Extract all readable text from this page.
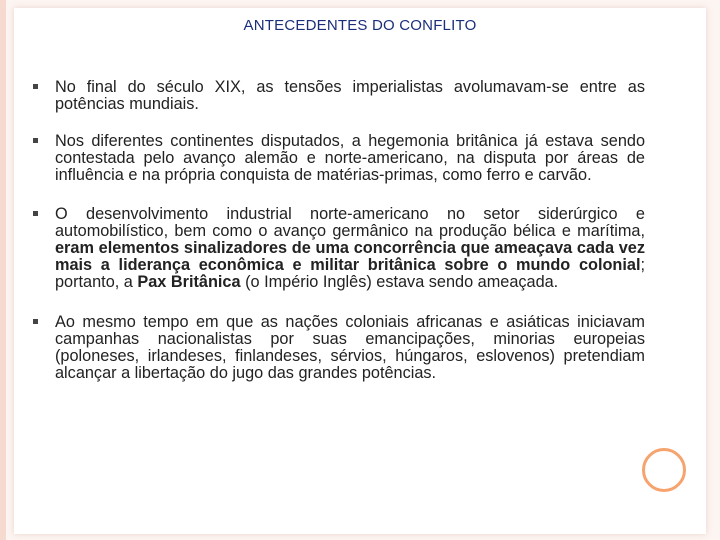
ANTECEDENTES DO CONFLITO
No final do século XIX, as tensões imperialistas avolumavam-se entre as potências mundiais.
Nos diferentes continentes disputados, a hegemonia britânica já estava sendo contestada pelo avanço alemão e norte-americano, na disputa por áreas de influência e na própria conquista de matérias-primas, como ferro e carvão.
O desenvolvimento industrial norte-americano no setor siderúrgico e automobilístico, bem como o avanço germânico na produção bélica e marítima, eram elementos sinalizadores de uma concorrência que ameaçava cada vez mais a liderança econômica e militar britânica sobre o mundo colonial; portanto, a Pax Britânica (o Império Inglês) estava sendo ameaçada.
Ao mesmo tempo em que as nações coloniais africanas e asiáticas iniciavam campanhas nacionalistas por suas emancipações, minorias europeias (poloneses, irlandeses, finlandeses, sérvios, húngaros, eslovenos) pretendiam alcançar a libertação do jugo das grandes potências.
